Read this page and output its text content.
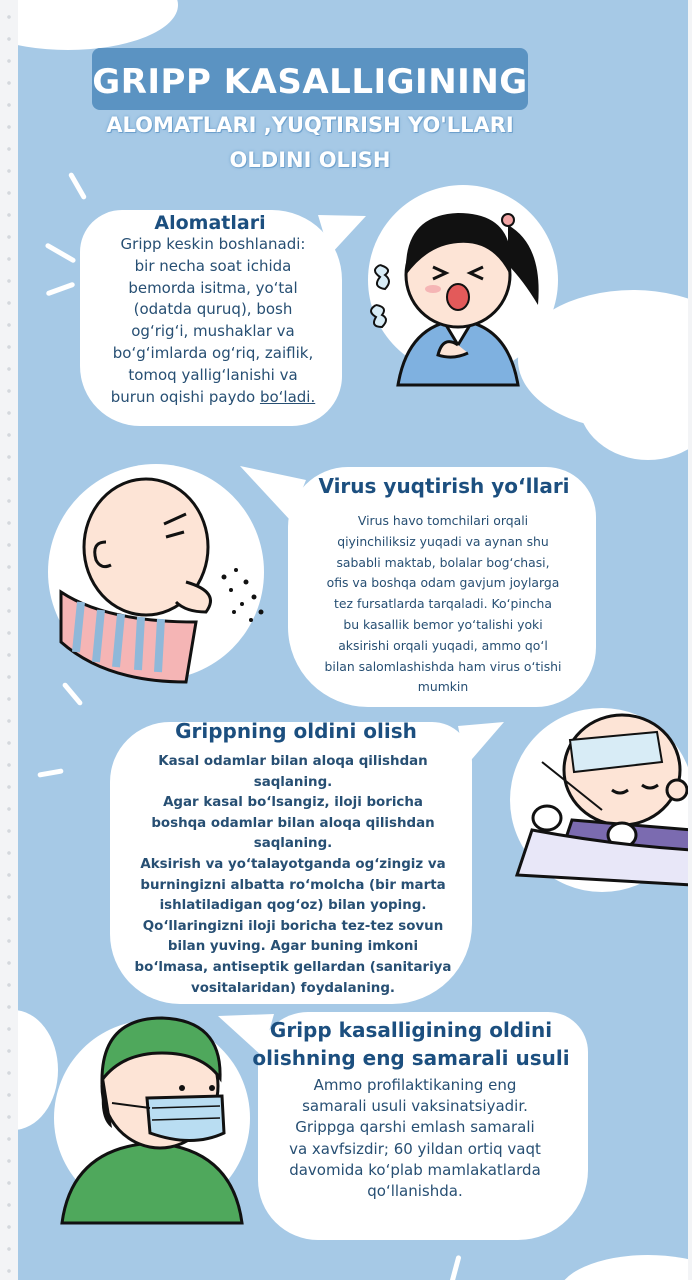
GRIPP KASALLIGINING

ALOMATLARI ,YUQTIRISH YO'LLARI

OLDINI OLISH

Alomatlari

Gripp keskin boshlanadi:
bir necha soat ichida
bemorda isitma, yo‘tal
(odatda quruq), bosh
og‘rig‘i, mushaklar va
bo‘g‘imlarda og‘riq, zaiflik,
tomoq yallig‘lanishi va
burun oqishi paydo bo‘ladi.

Virus yuqtirish yo‘llari

Virus havo tomchilari orqali
qiyinchiliksiz yuqadi va aynan shu
sababli maktab, bolalar bog‘chasi,
ofis va boshqa odam gavjum joylarga
tez fursatlarda tarqaladi. Ko‘pincha
bu kasallik bemor yo‘talishi yoki
aksirishi orqali yuqadi, ammo qo‘l
bilan salomlashishda ham virus o‘tishi
mumkin

Grippning oldini olish

Kasal odamlar bilan aloqa qilishdan
saqlaning.
Agar kasal bo‘lsangiz, iloji boricha
boshqa odamlar bilan aloqa qilishdan
saqlaning.
Aksirish va yo‘talayotganda og‘zingiz va
burningizni albatta ro‘molcha (bir marta
ishlatiladigan qog‘oz) bilan yoping.
Qo‘llaringizni iloji boricha tez-tez sovun
bilan yuving. Agar buning imkoni
bo‘lmasa, antiseptik gellardan (sanitariya
vositalaridan) foydalaning.

Gripp kasalligining oldini
olishning eng samarali usuli

Ammo profilaktikaning eng
samarali usuli vaksinatsiyadir.
Grippga qarshi emlash samarali
va xavfsizdir; 60 yildan ortiq vaqt
davomida ko‘plab mamlakatlarda
qo‘llanishda.
